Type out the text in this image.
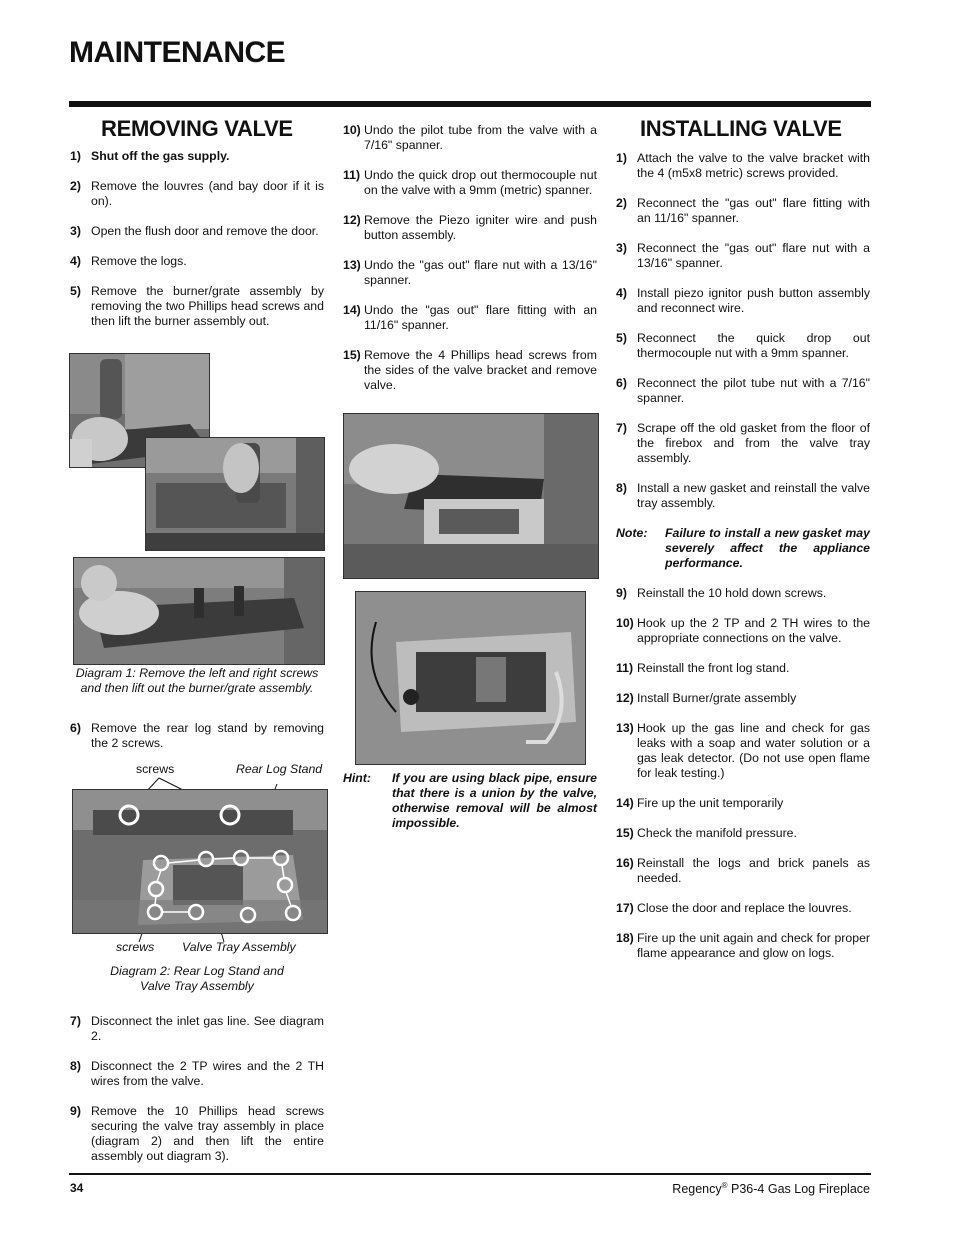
MAINTENANCE
REMOVING VALVE
1) Shut off the gas supply.
2) Remove the louvres (and bay door if it is on).
3) Open the flush door and remove the door.
4) Remove the logs.
5) Remove the burner/grate assembly by removing the two Phillips head screws and then lift the burner assembly out.
Diagram 1: Remove the left and right screws and then lift out the burner/grate assembly.
6) Remove the rear log stand by removing the 2 screws.
screws	Rear Log Stand
screws Valve Tray Assembly
Diagram 2: Rear Log Stand and
Valve Tray Assembly
7) Disconnect the inlet gas line. See diagram 2.
8) Disconnect the 2 TP wires and the 2 TH wires from the valve.
9) Remove the 10 Phillips head screws securing the valve tray assembly in place (diagram 2) and then lift the entire assembly out diagram 3).
10) Undo the pilot tube from the valve with a 7/16" spanner.
11) Undo the quick drop out thermocouple nut on the valve with a 9mm (metric) spanner.
12) Remove the Piezo igniter wire and push button assembly.
13) Undo the "gas out" flare nut with a 13/16" spanner.
14) Undo the "gas out" flare fitting with an 11/16" spanner.
15) Remove the 4 Phillips head screws from the sides of the valve bracket and remove valve.
Hint:	If you are using black pipe, ensure that there is a union by the valve, otherwise removal will be almost impossible.
INSTALLING VALVE
1) Attach the valve to the valve bracket with the 4 (m5x8 metric) screws provided.
2) Reconnect the "gas out" flare fitting with an 11/16" spanner.
3) Reconnect the "gas out" flare nut with a 13/16" spanner.
4) Install piezo ignitor push button assembly and reconnect wire.
5) Reconnect the quick drop out thermocouple nut with a 9mm spanner.
6) Reconnect the pilot tube nut with a 7/16" spanner.
7) Scrape off the old gasket from the floor of the firebox and from the valve tray assembly.
8) Install a new gasket and reinstall the valve tray assembly.
Note:	Failure to install a new gasket may severely affect the appliance performance.
9) Reinstall the 10 hold down screws.
10) Hook up the 2 TP and 2 TH wires to the appropriate connections on the valve.
11) Reinstall the front log stand.
12) Install Burner/grate assembly
13) Hook up the gas line and check for gas leaks with a soap and water solution or a gas leak detector. (Do not use open flame for leak testing.)
14) Fire up the unit temporarily
15) Check the manifold pressure.
16) Reinstall the logs and brick panels as needed.
17) Close the door and replace the louvres.
18) Fire up the unit again and check for proper flame appearance and glow on logs.
34	Regency® P36-4 Gas Log Fireplace
